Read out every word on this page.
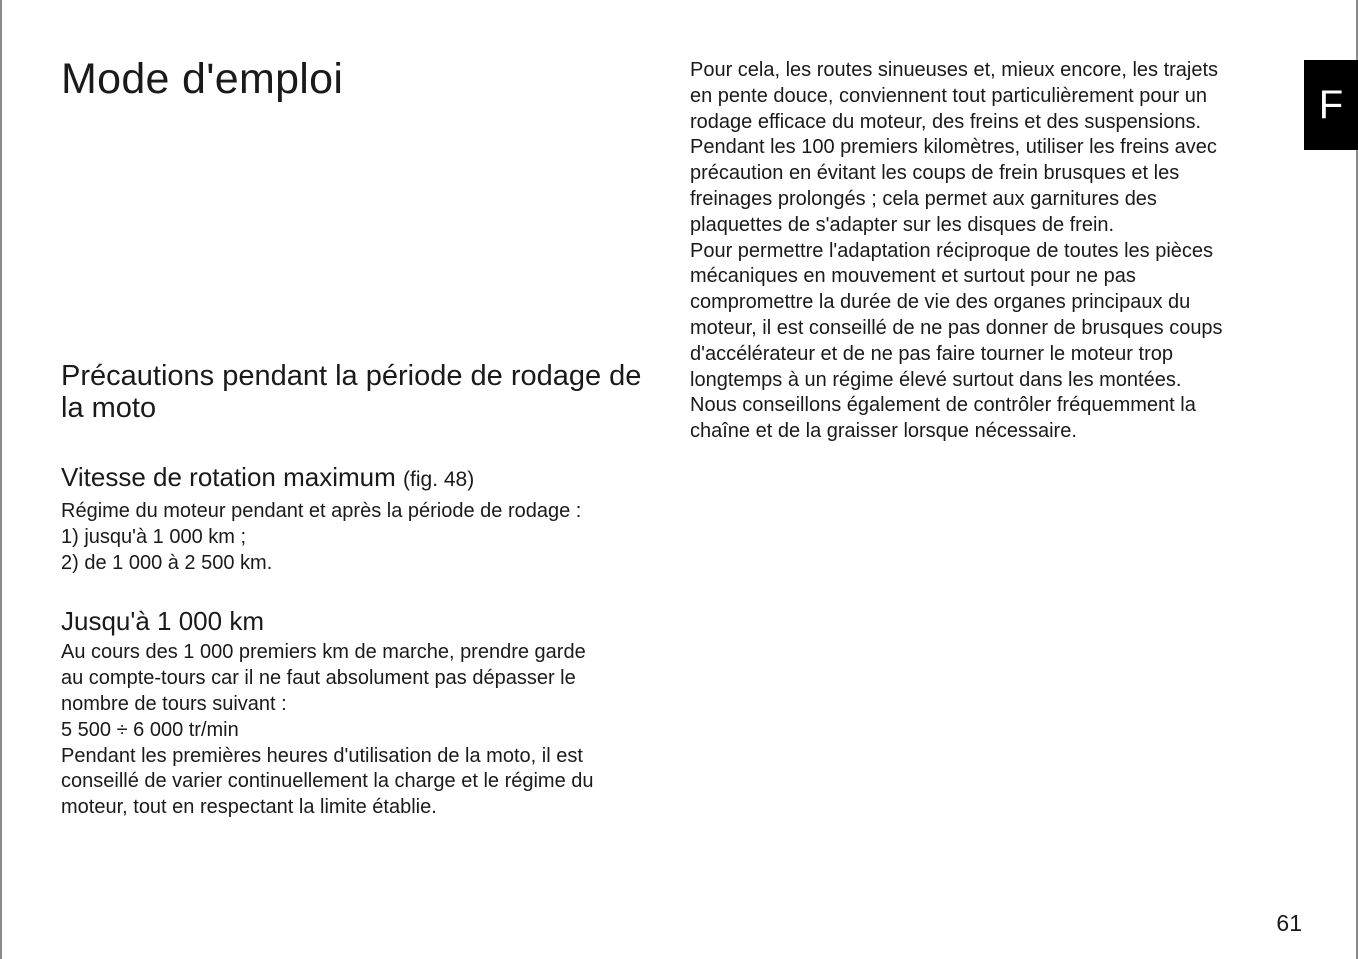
Mode d'emploi
Précautions pendant la période de rodage de la moto
Vitesse de rotation maximum (fig. 48)

Régime du moteur pendant et après la période de rodage :

1) jusqu'à 1 000 km ;

2) de 1 000 à 2 500 km.

Jusqu'à 1 000 km

Au cours des 1 000 premiers km de marche, prendre garde

au compte-tours car il ne faut absolument pas dépasser le

nombre de tours suivant :

5 500 ÷ 6 000 tr/min

Pendant les premières heures d'utilisation de la moto, il est

conseillé de varier continuellement la charge et le régime du

moteur, tout en respectant la limite établie.

Pour cela, les routes sinueuses et, mieux encore, les trajets

en pente douce, conviennent tout particulièrement pour un

rodage efficace du moteur, des freins et des suspensions.

Pendant les 100 premiers kilomètres, utiliser les freins avec

précaution en évitant les coups de frein brusques et les

freinages prolongés ; cela permet aux garnitures des

plaquettes de s'adapter sur les disques de frein.

Pour permettre l'adaptation réciproque de toutes les pièces

mécaniques en mouvement et surtout pour ne pas

compromettre la durée de vie des organes principaux du

moteur, il est conseillé de ne pas donner de brusques coups

d'accélérateur et de ne pas faire tourner le moteur trop

longtemps à un régime élevé surtout dans les montées.

Nous conseillons également de contrôler fréquemment la

chaîne et de la graisser lorsque nécessaire.

F
61
